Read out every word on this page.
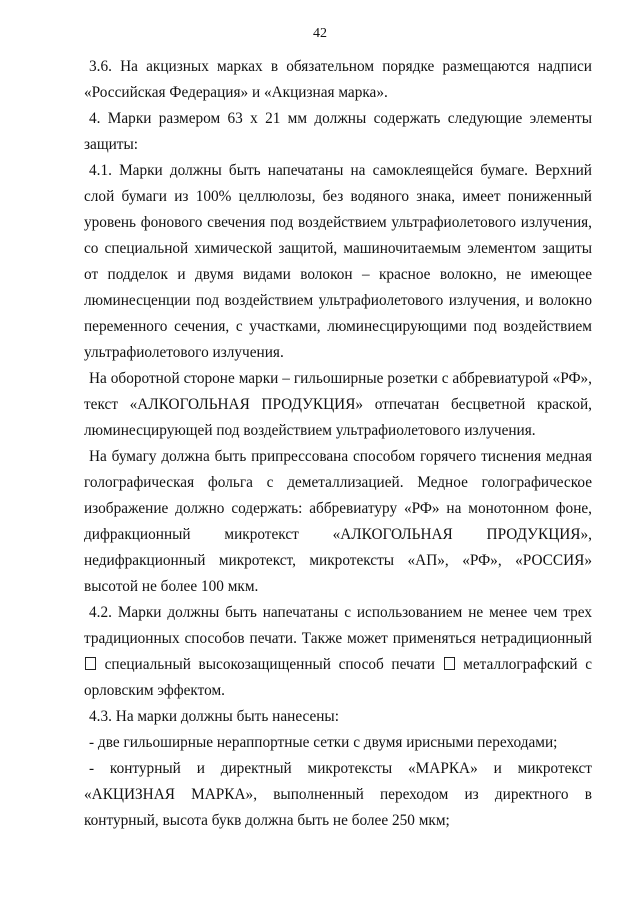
42

3.6. На акцизных марках в обязательном порядке размещаются надписи «Российская Федерация» и «Акцизная марка».

4. Марки размером 63 x 21 мм должны содержать следующие элементы защиты:

4.1. Марки должны быть напечатаны на самоклеящейся бумаге. Верхний слой бумаги из 100% целлюлозы, без водяного знака, имеет пониженный уровень фонового свечения под воздействием ультрафиолетового излучения, со специальной химической защитой, машиночитаемым элементом защиты от подделок и двумя видами волокон – красное волокно, не имеющее люминесценции под воздействием ультрафиолетового излучения, и волокно переменного сечения, с участками, люминесцирующими под воздействием ультрафиолетового излучения.

На оборотной стороне марки – гильоширные розетки с аббревиатурой «РФ», текст «АЛКОГОЛЬНАЯ ПРОДУКЦИЯ» отпечатан бесцветной краской, люминесцирующей под воздействием ультрафиолетового излучения.

На бумагу должна быть припрессована способом горячего тиснения медная голографическая фольга с деметаллизацией. Медное голографическое изображение должно содержать: аббревиатуру «РФ» на монотонном фоне, дифракционный микротекст «АЛКОГОЛЬНАЯ ПРОДУКЦИЯ», недифракционный микротекст, микротексты «АП», «РФ», «РОССИЯ» высотой не более 100 мкм.

4.2. Марки должны быть напечатаны с использованием не менее чем трех традиционных способов печати. Также может применяться нетрадиционный  специальный высокозащищенный способ печати металлографский с орловским эффектом.

4.3. На марки должны быть нанесены:

- две гильоширные нераппортные сетки с двумя ирисными переходами;

- контурный и директный микротексты «МАРКА» и микротекст «АКЦИЗНАЯ МАРКА», выполненный переходом из директного в контурный, высота букв должна быть не более 250 мкм;
